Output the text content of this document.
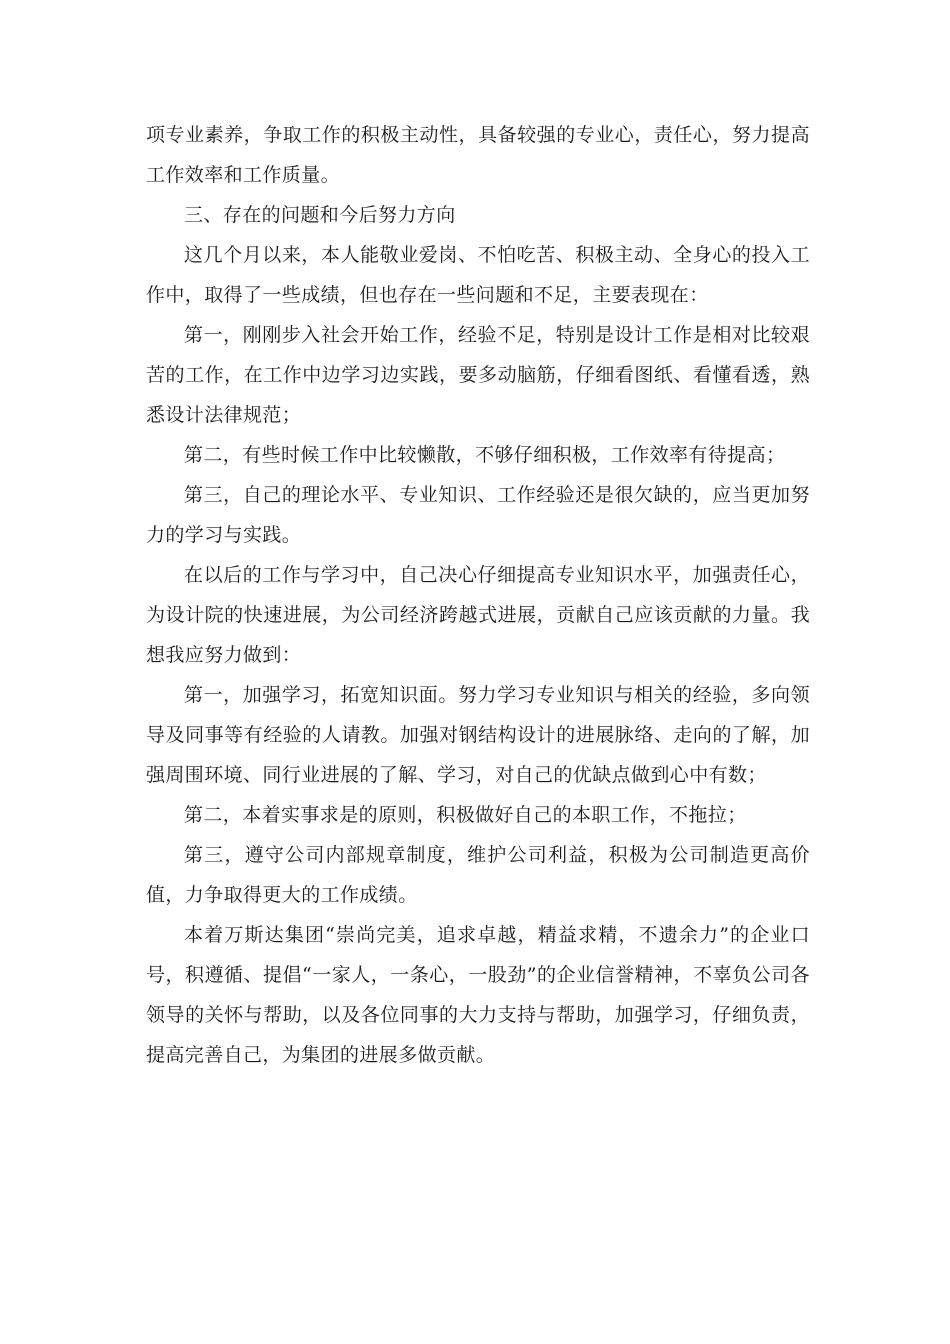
项专业素养，争取工作的积极主动性，具备较强的专业心，责任心，努力提高工作效率和工作质量。

三、存在的问题和今后努力方向

这几个月以来，本人能敬业爱岗、不怕吃苦、积极主动、全身心的投入工作中，取得了一些成绩，但也存在一些问题和不足，主要表现在：

第一，刚刚步入社会开始工作，经验不足，特别是设计工作是相对比较艰苦的工作，在工作中边学习边实践，要多动脑筋，仔细看图纸、看懂看透，熟悉设计法律规范；

第二，有些时候工作中比较懒散，不够仔细积极，工作效率有待提高；

第三，自己的理论水平、专业知识、工作经验还是很欠缺的，应当更加努力的学习与实践。

在以后的工作与学习中，自己决心仔细提高专业知识水平，加强责任心，为设计院的快速进展，为公司经济跨越式进展，贡献自己应该贡献的力量。我想我应努力做到：

第一，加强学习，拓宽知识面。努力学习专业知识与相关的经验，多向领导及同事等有经验的人请教。加强对钢结构设计的进展脉络、走向的了解，加强周围环境、同行业进展的了解、学习，对自己的优缺点做到心中有数；

第二，本着实事求是的原则，积极做好自己的本职工作，不拖拉；

第三，遵守公司内部规章制度，维护公司利益，积极为公司制造更高价值，力争取得更大的工作成绩。

本着万斯达集团“崇尚完美，追求卓越，精益求精，不遗余力”的企业口号，积遵循、提倡“一家人，一条心，一股劲”的企业信誉精神，不辜负公司各领导的关怀与帮助，以及各位同事的大力支持与帮助，加强学习，仔细负责，提高完善自己，为集团的进展多做贡献。
